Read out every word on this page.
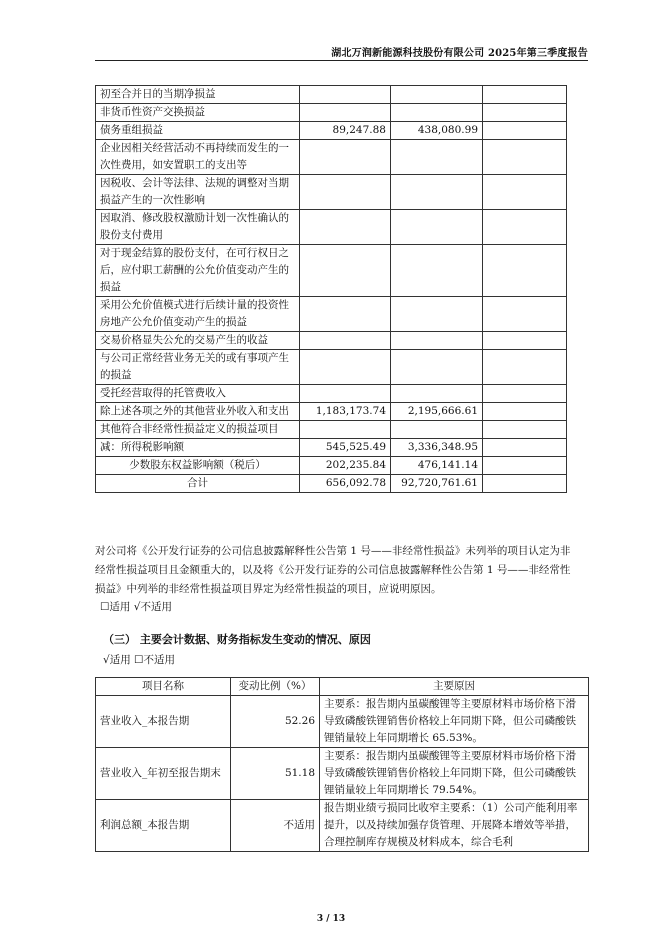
湖北万润新能源科技股份有限公司 2025年第三季度报告
初至合并日的当期净损益			
非货币性资产交换损益			
债务重组损益	89,247.88	438,080.99	
企业因相关经营活动不再持续而发生的一次性费用，如安置职工的支出等			
因税收、会计等法律、法规的调整对当期损益产生的一次性影响			
因取消、修改股权激励计划一次性确认的股份支付费用			
对于现金结算的股份支付，在可行权日之后，应付职工薪酬的公允价值变动产生的损益			
采用公允价值模式进行后续计量的投资性房地产公允价值变动产生的损益			
交易价格显失公允的交易产生的收益			
与公司正常经营业务无关的或有事项产生的损益			
受托经营取得的托管费收入			
除上述各项之外的其他营业外收入和支出	1,183,173.74	2,195,666.61	
其他符合非经常性损益定义的损益项目			
减：所得税影响额	545,525.49	3,336,348.95	
少数股东权益影响额（税后）	202,235.84	476,141.14	
合计	656,092.78	92,720,761.61	
对公司将《公开发行证券的公司信息披露解释性公告第 1 号——非经常性损益》未列举的项目认定为非经常性损益项目且金额重大的，以及将《公开发行证券的公司信息披露解释性公告第 1 号——非经常性损益》中列举的非经常性损益项目界定为经常性损益的项目，应说明原因。
☐适用 √不适用
（三） 主要会计数据、财务指标发生变动的情况、原因
√适用 ☐不适用
项目名称	变动比例（%）	主要原因
营业收入_本报告期	52.26	主要系：报告期内虽碳酸锂等主要原材料市场价格下滑导致磷酸铁锂销售价格较上年同期下降，但公司磷酸铁锂销量较上年同期增长 65.53%。
营业收入_年初至报告期末	51.18	主要系：报告期内虽碳酸锂等主要原材料市场价格下滑导致磷酸铁锂销售价格较上年同期下降，但公司磷酸铁锂销量较上年同期增长 79.54%。
利润总额_本报告期	不适用	报告期业绩亏损同比收窄主要系：（1）公司产能利用率提升，以及持续加强存货管理、开展降本增效等举措，合理控制库存规模及材料成本，综合毛利
3 / 13
